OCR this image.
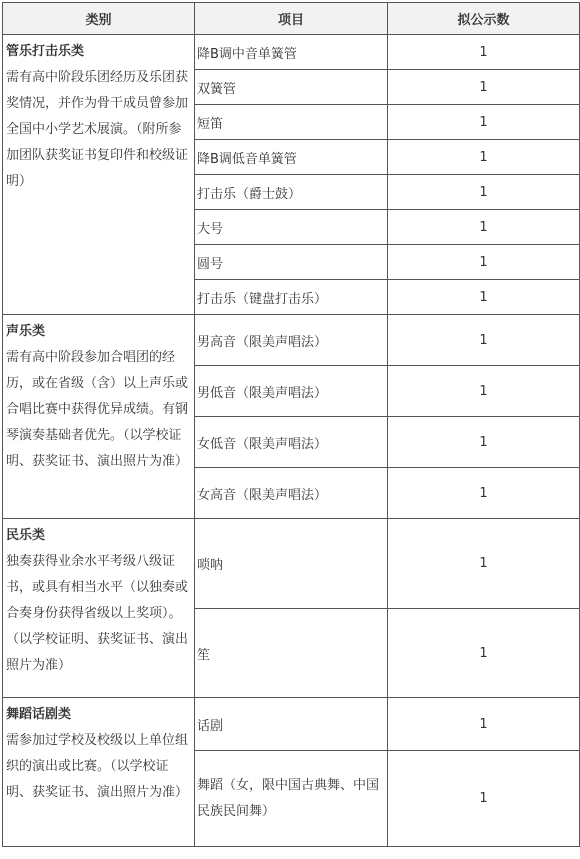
类别	项目	拟公示数

管乐打击乐类
需有高中阶段乐团经历及乐团获奖情况，并作为骨干成员曾参加全国中小学艺术展演。（附所参加团队获奖证书复印件和校级证明）	降B调中音单簧管	1
	双簧管	1
	短笛	1
	降B调低音单簧管	1
	打击乐（爵士鼓）	1
	大号	1
	圆号	1
	打击乐（键盘打击乐）	1

声乐类
需有高中阶段参加合唱团的经历，或在省级（含）以上声乐或合唱比赛中获得优异成绩。有钢琴演奏基础者优先。（以学校证明、获奖证书、演出照片为准）	男高音（限美声唱法）	1
	男低音（限美声唱法）	1
	女低音（限美声唱法）	1
	女高音（限美声唱法）	1

民乐类
独奏获得业余水平考级八级证书，或具有相当水平（以独奏或合奏身份获得省级以上奖项）。（以学校证明、获奖证书、演出照片为准）	唢呐	1
	笙	1

舞蹈话剧类
需参加过学校及校级以上单位组织的演出或比赛。（以学校证明、获奖证书、演出照片为准）	话剧	1
	舞蹈（女，限中国古典舞、中国民族民间舞）	1
